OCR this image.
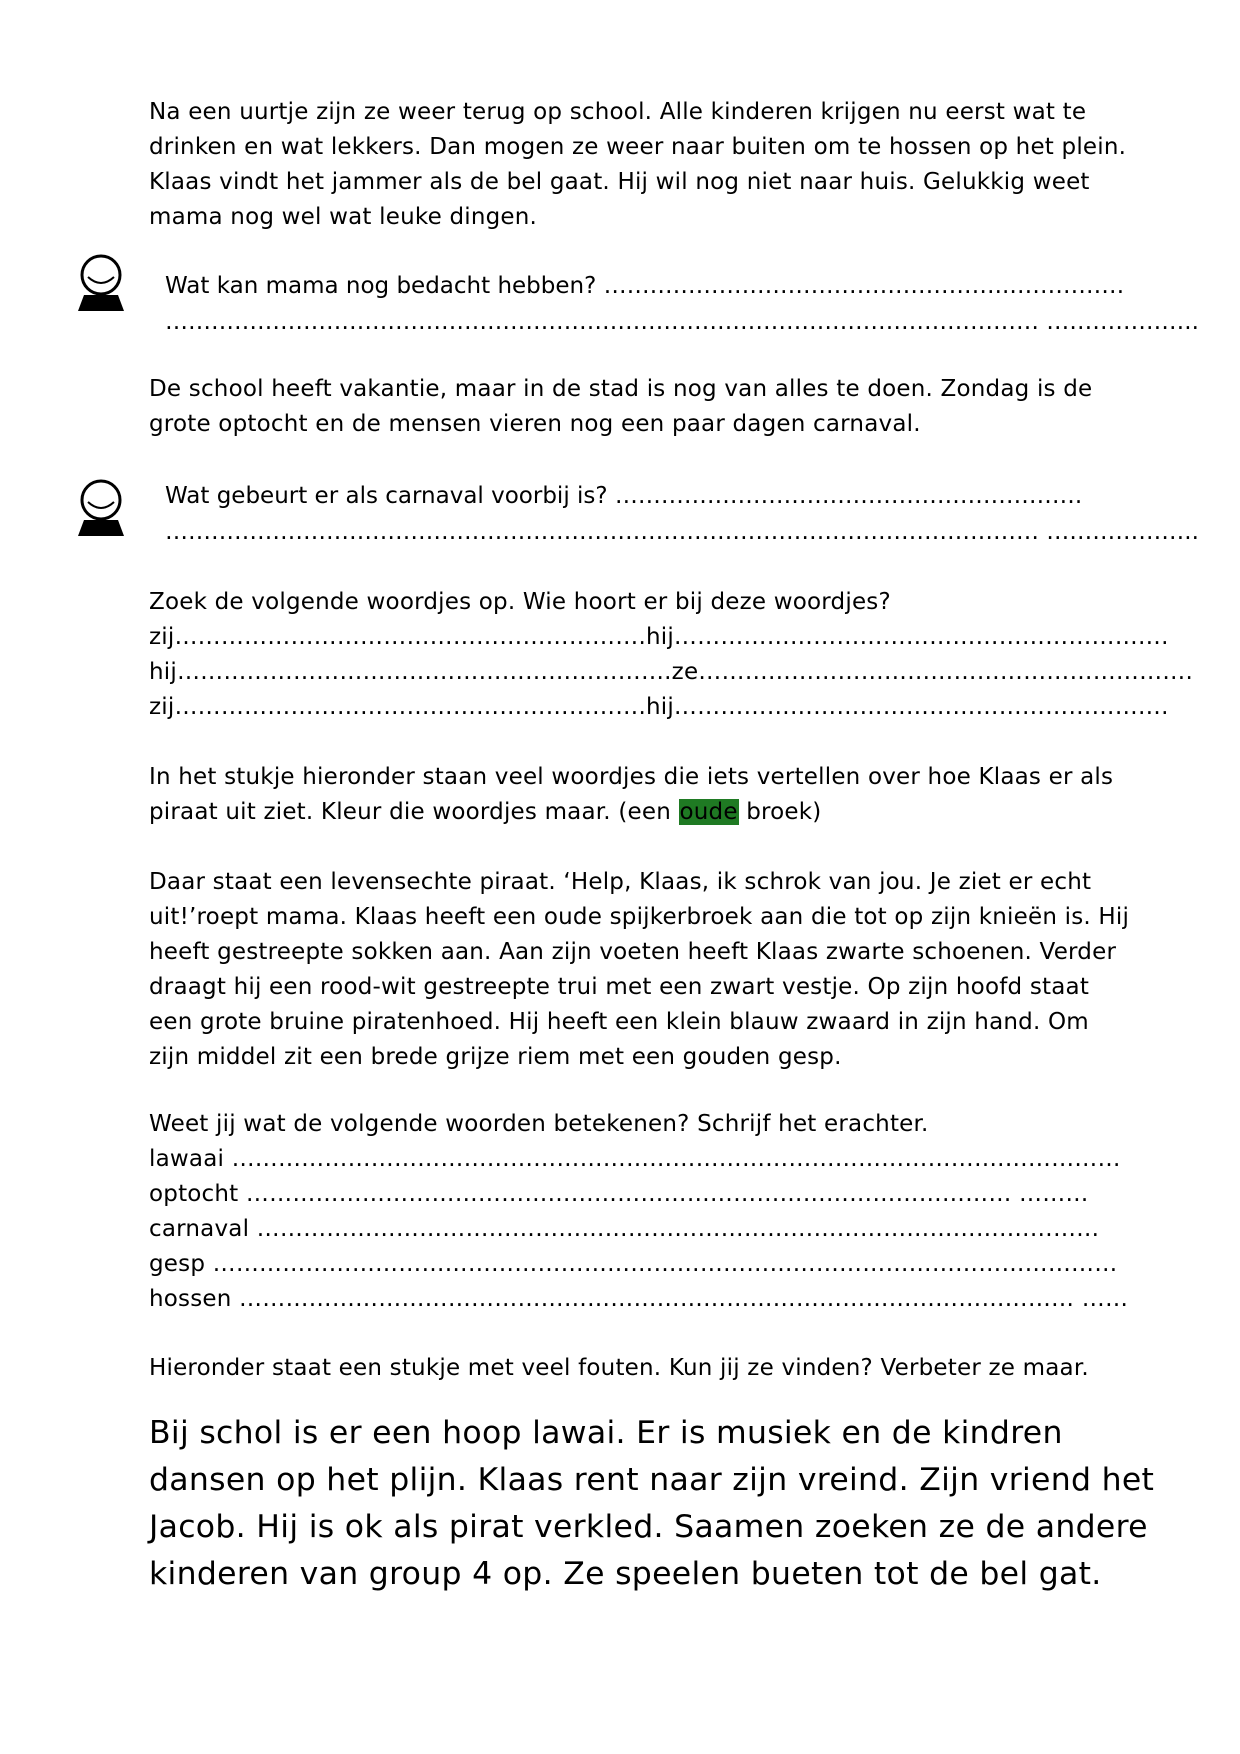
Na een uurtje zijn ze weer terug op school. Alle kinderen krijgen nu eerst wat te
drinken en wat lekkers. Dan mogen ze weer naar buiten om te hossen op het plein.
Klaas vindt het jammer als de bel gaat. Hij wil nog niet naar huis. Gelukkig weet
mama nog wel wat leuke dingen.
Wat kan mama nog bedacht hebben? ……………………………………………..……………
…………………………………………………………………………………………………… ………………..
De school heeft vakantie, maar in de stad is nog van alles te doen. Zondag is de
grote optocht en de mensen vieren nog een paar dagen carnaval.
Wat gebeurt er als carnaval voorbij is? …………………………………………………….
…………………………………………………………………………………………………… ………………..
Zoek de volgende woordjes op. Wie hoort er bij deze woordjes?
zij…………………………………………………….hij……………………………………………………….
hij……………………………………………………….ze……………………………………………………….
zij…………………………………………………….hij……………………………………………………….
In het stukje hieronder staan veel woordjes die iets vertellen over hoe Klaas er als
piraat uit ziet. Kleur die woordjes maar. (een oude broek)
Daar staat een levensechte piraat. ‘Help, Klaas, ik schrok van jou. Je ziet er echt
uit!’roept mama. Klaas heeft een oude spijkerbroek aan die tot op zijn knieën is. Hij
heeft gestreepte sokken aan. Aan zijn voeten heeft Klaas zwarte schoenen. Verder
draagt hij een rood-wit gestreepte trui met een zwart vestje. Op zijn hoofd staat
een grote bruine piratenhoed. Hij heeft een klein blauw zwaard in zijn hand. Om
zijn middel zit een brede grijze riem met een gouden gesp.
Weet jij wat de volgende woorden betekenen? Schrijf het erachter.
lawaai ……………………………………………………………………………………….……………
optocht ……………………………………………………………………………………… ………
carnaval …………………………………………………………………………………….…………
gesp ………………………………………………………………………………………………………
hossen ……………………………………………………………………………………………… ……
Hieronder staat een stukje met veel fouten. Kun jij ze vinden? Verbeter ze maar.
Bij schol is er een hoop lawai. Er is musiek en de kindren
dansen op het plijn. Klaas rent naar zijn vreind. Zijn vriend het
Jacob. Hij is ok als pirat verkled. Saamen zoeken ze de andere
kinderen van group 4 op. Ze speelen bueten tot de bel gat.
